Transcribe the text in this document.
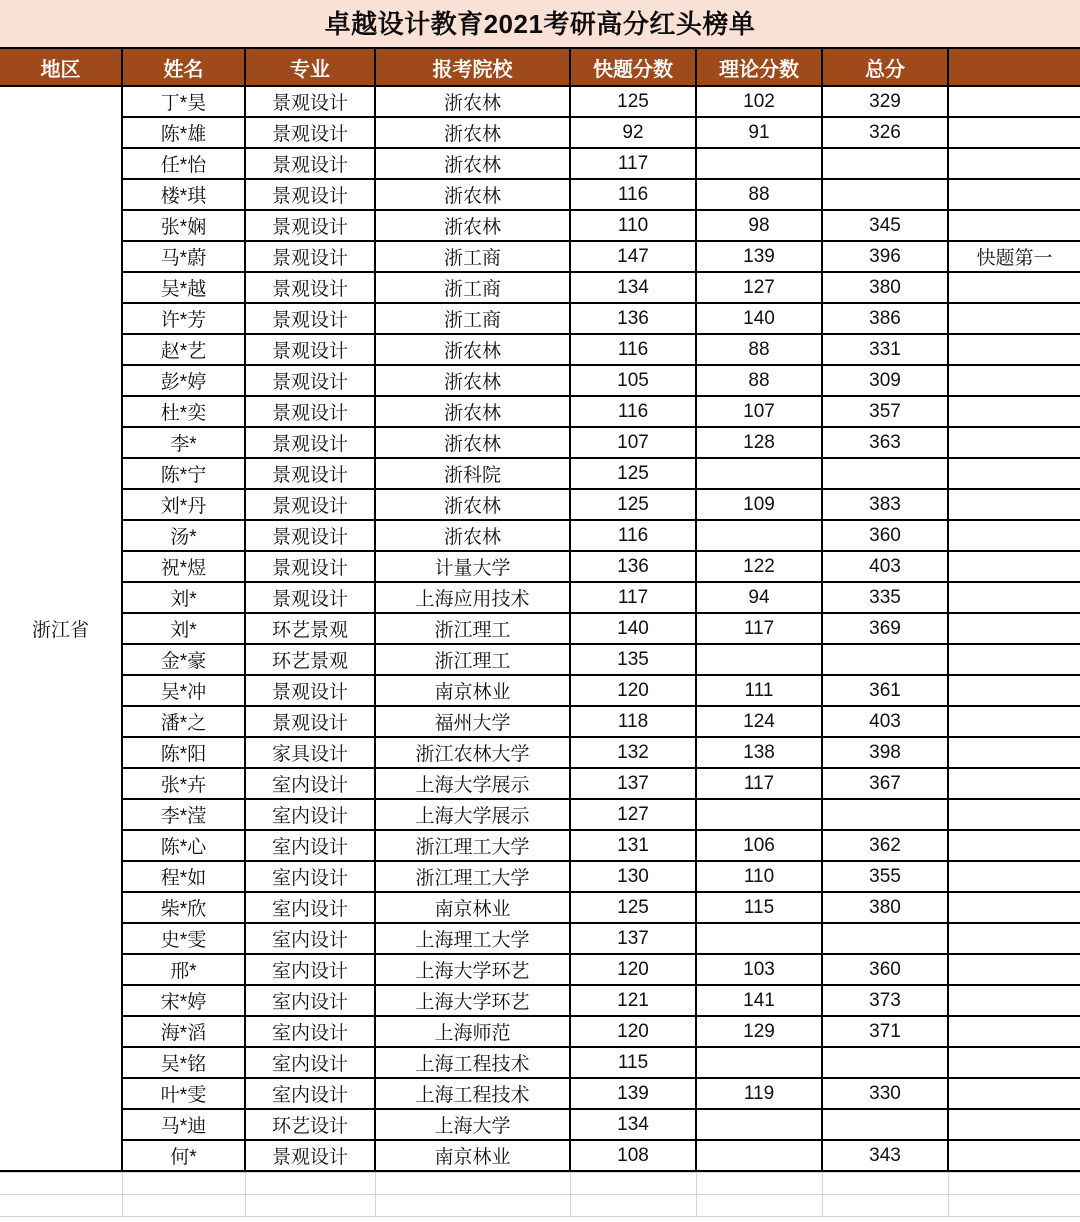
卓越设计教育2021考研高分红头榜单
地区	姓名	专业	报考院校	快题分数	理论分数	总分	
浙江省	丁*昊	景观设计	浙农林	125	102	329	
	陈*雄	景观设计	浙农林	92	91	326	
	任*怡	景观设计	浙农林	117			
	楼*琪	景观设计	浙农林	116	88		
	张*娴	景观设计	浙农林	110	98	345	
	马*蔚	景观设计	浙工商	147	139	396	快题第一
	吴*越	景观设计	浙工商	134	127	380	
	许*芳	景观设计	浙工商	136	140	386	
	赵*艺	景观设计	浙农林	116	88	331	
	彭*婷	景观设计	浙农林	105	88	309	
	杜*奕	景观设计	浙农林	116	107	357	
	李*	景观设计	浙农林	107	128	363	
	陈*宁	景观设计	浙科院	125			
	刘*丹	景观设计	浙农林	125	109	383	
	汤*	景观设计	浙农林	116		360	
	祝*煜	景观设计	计量大学	136	122	403	
	刘*	景观设计	上海应用技术	117	94	335	
	刘*	环艺景观	浙江理工	140	117	369	
	金*豪	环艺景观	浙江理工	135			
	吴*冲	景观设计	南京林业	120	111	361	
	潘*之	景观设计	福州大学	118	124	403	
	陈*阳	家具设计	浙江农林大学	132	138	398	
	张*卉	室内设计	上海大学展示	137	117	367	
	李*滢	室内设计	上海大学展示	127			
	陈*心	室内设计	浙江理工大学	131	106	362	
	程*如	室内设计	浙江理工大学	130	110	355	
	柴*欣	室内设计	南京林业	125	115	380	
	史*雯	室内设计	上海理工大学	137			
	邢*	室内设计	上海大学环艺	120	103	360	
	宋*婷	室内设计	上海大学环艺	121	141	373	
	海*滔	室内设计	上海师范	120	129	371	
	吴*铭	室内设计	上海工程技术	115			
	叶*雯	室内设计	上海工程技术	139	119	330	
	马*迪	环艺设计	上海大学	134			
	何*	景观设计	南京林业	108		343	
